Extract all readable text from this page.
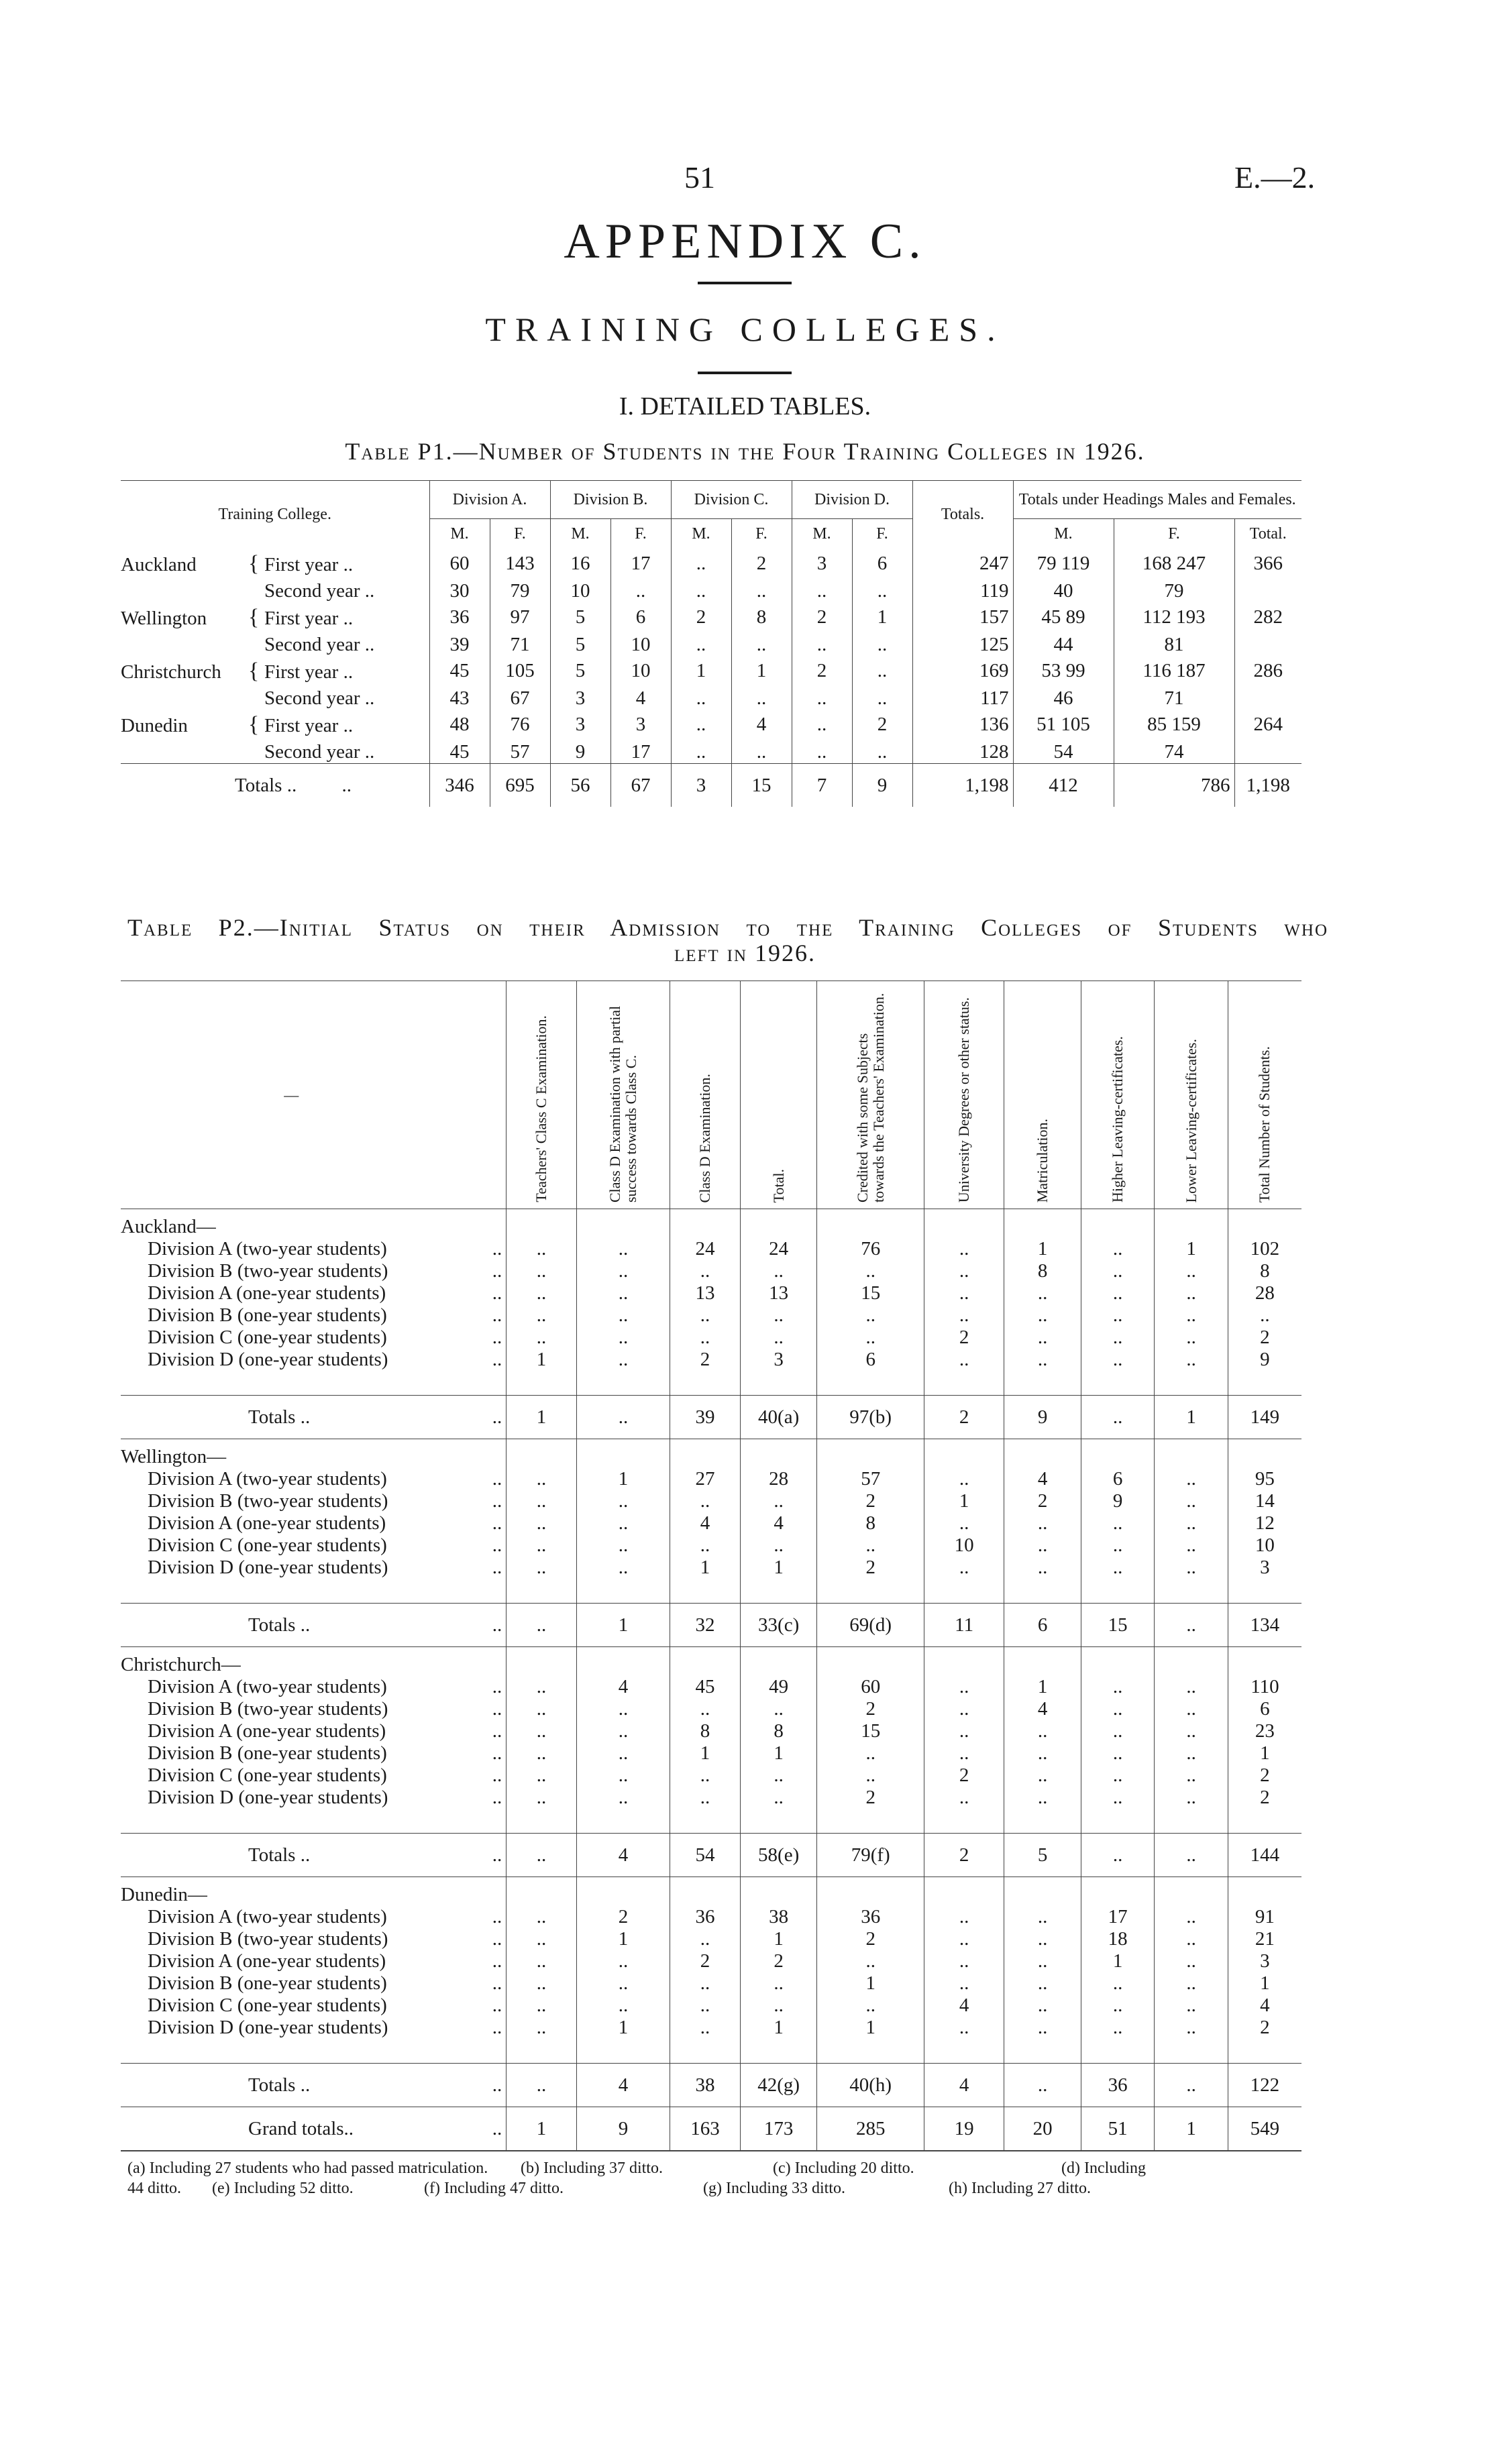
51	E.—2.
APPENDIX C.
TRAINING COLLEGES.
I. DETAILED TABLES.
Table P1.—Number of Students in the Four Training Colleges in 1926.
Training College.	Division A.		Division B.		Division C.		Division D.		Totals.	Totals under Headings Males and Females.		
	M.	F.	M.	F.	M.	F.	M.	F.		M.	F.	Total.
Auckland { First year ..	60	143	16	17	..	2	3	6	247	79 119	168 247	366
Second year ..	30	79	10	..	..	..	..	..	119	40	79	
Wellington { First year ..	36	97	5	6	2	8	2	1	157	45 89	112 193	282
Second year ..	39	71	5	10	..	..	..	..	125	44	81	
Christchurch { First year ..	45	105	5	10	1	1	2	..	169	53 99	116 187	286
Second year ..	43	67	3	4	..	..	..	..	117	46	71	
Dunedin { First year ..	48	76	3	3	..	4	..	2	136	51 105	85 159	264
Second year ..	45	57	9	17	..	..	..	..	128	54	74	
Totals .. ..	346	695	56	67	3	15	7	9	1,198	412	786	1,198
Table P2.—Initial Status on their Admission to the Training Colleges of Students who
left in 1926.
—		Teachers' Class C Examination.	Class D Examination with partial success towards Class C.	Class D Examination.	Total.	Credited with some Subjects towards the Teachers' Examination.	University Degrees or other status.	Matriculation.	Higher Leaving-certificates.	Lower Leaving-certificates.	Total Number of Students.
Auckland—											
Division A (two-year students)	..	..	..	24	24	76	..	1	..	1	102
Division B (two-year students)	..	..	..	..	..	..	..	8	..	..	8
Division A (one-year students)	..	..	..	13	13	15	..	..	..	..	28
Division B (one-year students)	..	..	..	..	..	..	..	..	..	..	..
Division C (one-year students)	..	..	..	..	..	..	2	..	..	..	2
Division D (one-year students)	..	1	..	2	3	6	..	..	..	..	9

Totals ..	..	1	..	39	40(a)	97(b)	2	9	..	1	149
Wellington—											
Division A (two-year students)	..	..	1	27	28	57	..	4	6	..	95
Division B (two-year students)	..	..	..	..	..	2	1	2	9	..	14
Division A (one-year students)	..	..	..	4	4	8	..	..	..	..	12
Division C (one-year students)	..	..	..	..	..	..	10	..	..	..	10
Division D (one-year students)	..	..	..	1	1	2	..	..	..	..	3

Totals ..	..	..	1	32	33(c)	69(d)	11	6	15	..	134
Christchurch—											
Division A (two-year students)	..	..	4	45	49	60	..	1	..	..	110
Division B (two-year students)	..	..	..	..	..	2	..	4	..	..	6
Division A (one-year students)	..	..	..	8	8	15	..	..	..	..	23
Division B (one-year students)	..	..	..	1	1	..	..	..	..	..	1
Division C (one-year students)	..	..	..	..	..	..	2	..	..	..	2
Division D (one-year students)	..	..	..	..	..	2	..	..	..	..	2

Totals ..	..	..	4	54	58(e)	79(f)	2	5	..	..	144
Dunedin—											
Division A (two-year students)	..	..	2	36	38	36	..	..	17	..	91
Division B (two-year students)	..	..	1	..	1	2	..	..	18	..	21
Division A (one-year students)	..	..	..	2	2	..	..	..	1	..	3
Division B (one-year students)	..	..	..	..	..	1	..	..	..	..	1
Division C (one-year students)	..	..	..	..	..	..	4	..	..	..	4
Division D (one-year students)	..	..	1	..	1	1	..	..	..	..	2

Totals ..	..	..	4	38	42(g)	40(h)	4	..	36	..	122
Grand totals..	..	1	9	163	173	285	19	20	51	1	549
(a) Including 27 students who had passed matriculation. (b) Including 37 ditto.	(c) Including 20 ditto.	(d) Including
44 ditto. (e) Including 52 ditto.	(f) Including 47 ditto.	(g) Including 33 ditto.	(h) Including 27 ditto.
